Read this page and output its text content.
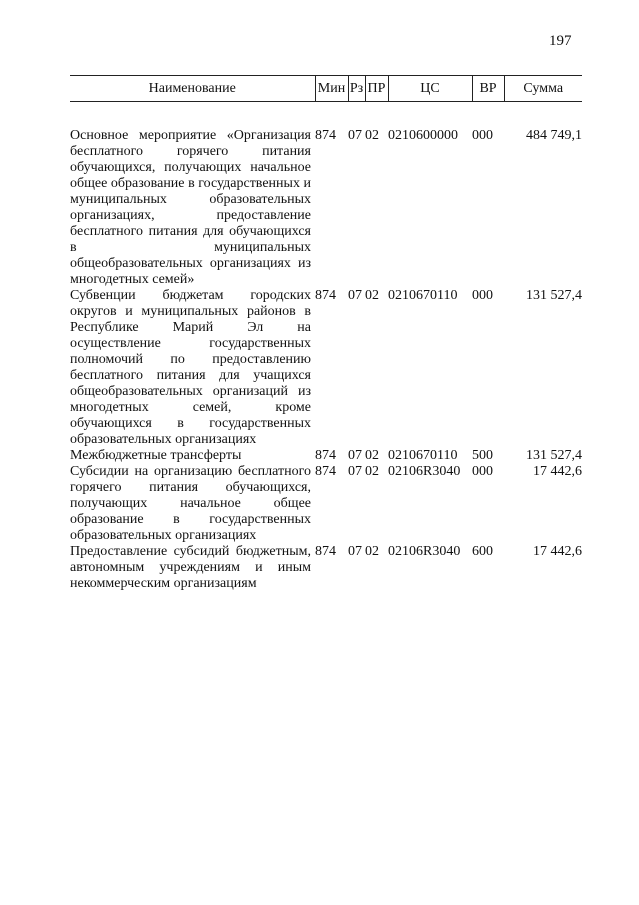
197
Наименование	Мин	Рз	ПР	ЦС	ВР	Сумма

Основное мероприятие «Организация бесплатного горячего питания обучающихся, получающих начальное общее образование в государственных и муниципальных образовательных организациях, предоставление бесплатного питания для обучающихся в муниципальных общеобразовательных организациях из многодетных семей»	874	07	02	0210600000	000	484 749,1
Субвенции бюджетам городских округов и муниципальных районов в Республике Марий Эл на осуществление государственных полномочий по предоставлению бесплатного питания для учащихся общеобразовательных организаций из многодетных семей, кроме обучающихся в государственных образовательных организациях	874	07	02	0210670110	000	131 527,4
Межбюджетные трансферты	874	07	02	0210670110	500	131 527,4
Субсидии на организацию бесплатного горячего питания обучающихся, получающих начальное общее образование в государственных образовательных организациях	874	07	02	02106R3040	000	17 442,6
Предоставление субсидий бюджетным, автономным учреждениям и иным некоммерческим организациям	874	07	02	02106R3040	600	17 442,6
